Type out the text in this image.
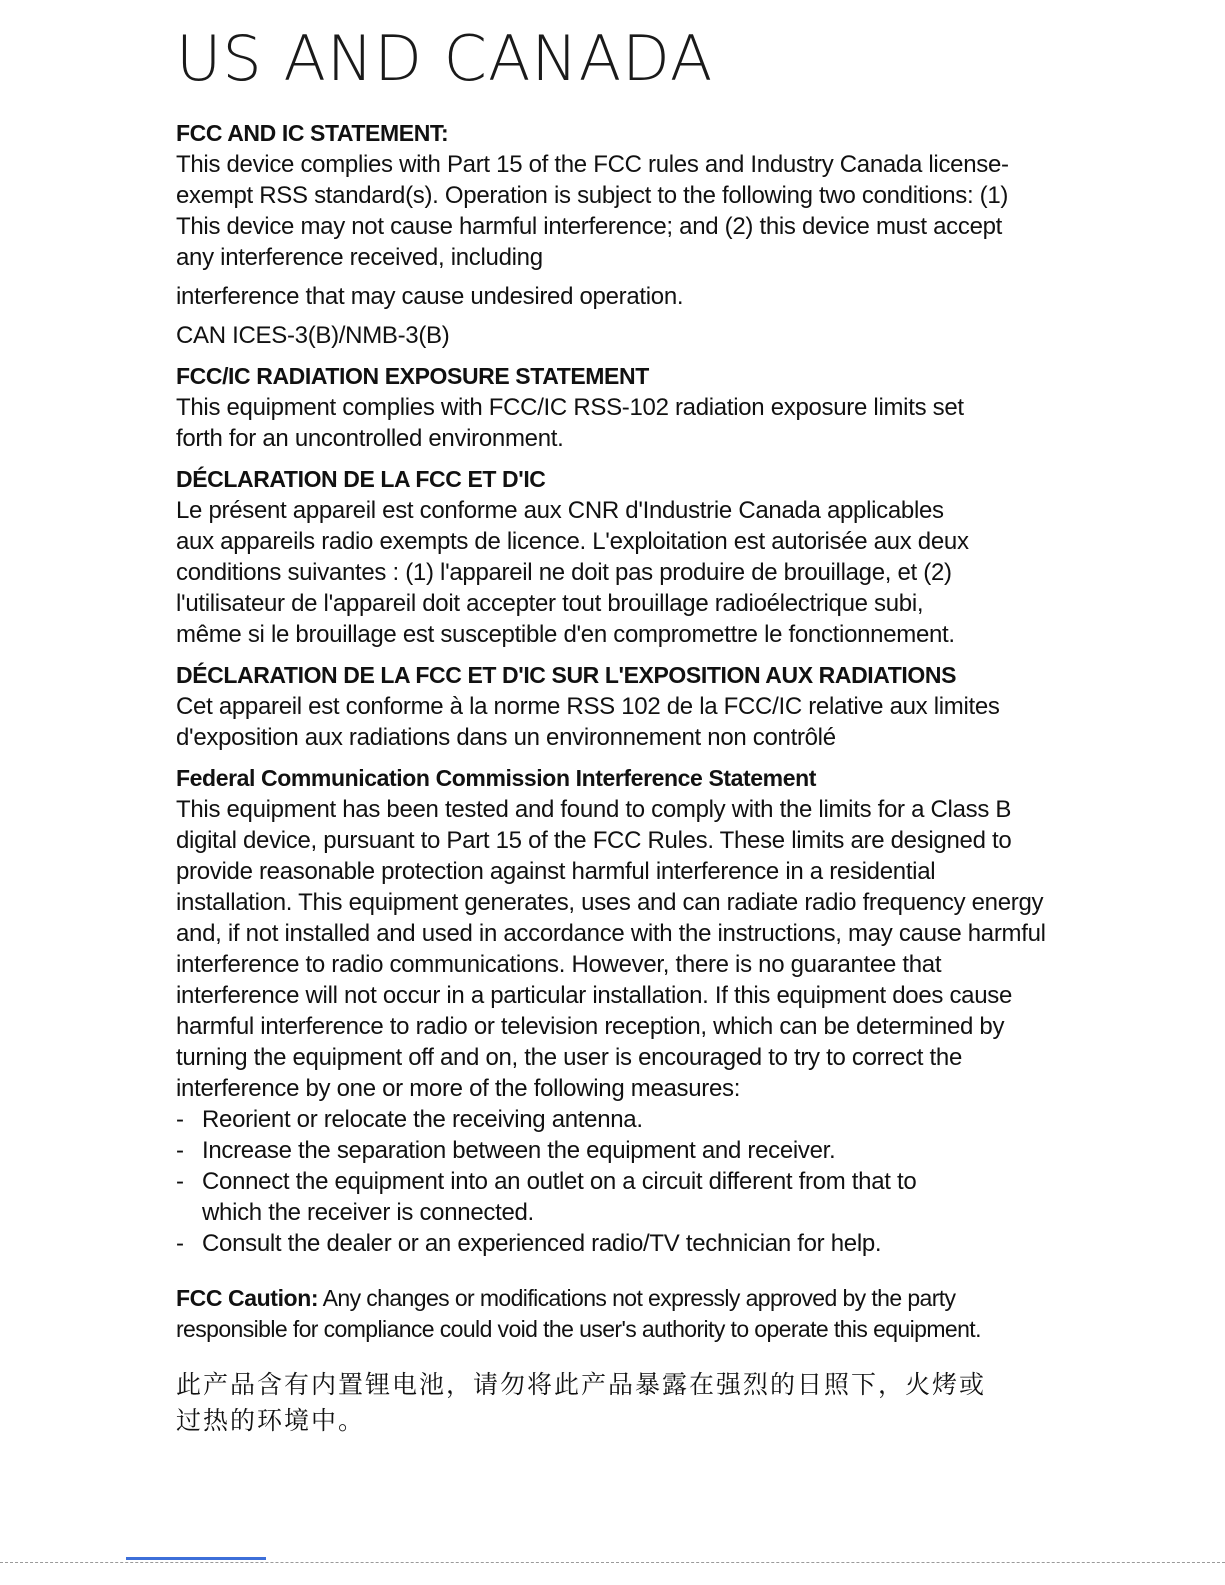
US AND CANADA
FCC AND IC STATEMENT:

This device complies with Part 15 of the FCC rules and Industry Canada license-exempt RSS standard(s). Operation is subject to the following two conditions: (1) This device may not cause harmful interference; and (2) this device must accept any interference received, including

interference that may cause undesired operation.

CAN ICES-3(B)/NMB-3(B)

FCC/IC RADIATION EXPOSURE STATEMENT

This equipment complies with FCC/IC RSS-102 radiation exposure limits set forth for an uncontrolled environment.

DÉCLARATION DE LA FCC ET D'IC

Le présent appareil est conforme aux CNR d'Industrie Canada applicables aux appareils radio exempts de licence. L'exploitation est autorisée aux deux conditions suivantes : (1) l'appareil ne doit pas produire de brouillage, et (2) l'utilisateur de l'appareil doit accepter tout brouillage radioélectrique subi, même si le brouillage est susceptible d'en compromettre le fonctionnement.

DÉCLARATION DE LA FCC ET D'IC SUR L'EXPOSITION AUX RADIATIONS

Cet appareil est conforme à la norme RSS 102 de la FCC/IC relative aux limites d'exposition aux radiations dans un environnement non contrôlé

Federal Communication Commission Interference Statement

This equipment has been tested and found to comply with the limits for a Class B digital device, pursuant to Part 15 of the FCC Rules. These limits are designed to provide reasonable protection against harmful interference in a residential installation. This equipment generates, uses and can radiate radio frequency energy and, if not installed and used in accordance with the instructions, may cause harmful interference to radio communications. However, there is no guarantee that interference will not occur in a particular installation. If this equipment does cause harmful interference to radio or television reception, which can be determined by turning the equipment off and on, the user is encouraged to try to correct the interference by one or more of the following measures:

- Reorient or relocate the receiving antenna.
- Increase the separation between the equipment and receiver.
- Connect the equipment into an outlet on a circuit different from that to which the receiver is connected.
- Consult the dealer or an experienced radio/TV technician for help.

FCC Caution: Any changes or modifications not expressly approved by the party responsible for compliance could void the user's authority to operate this equipment.

此产品含有内置锂电池，请勿将此产品暴露在强烈的日照下，火烤或过热的环境中。
